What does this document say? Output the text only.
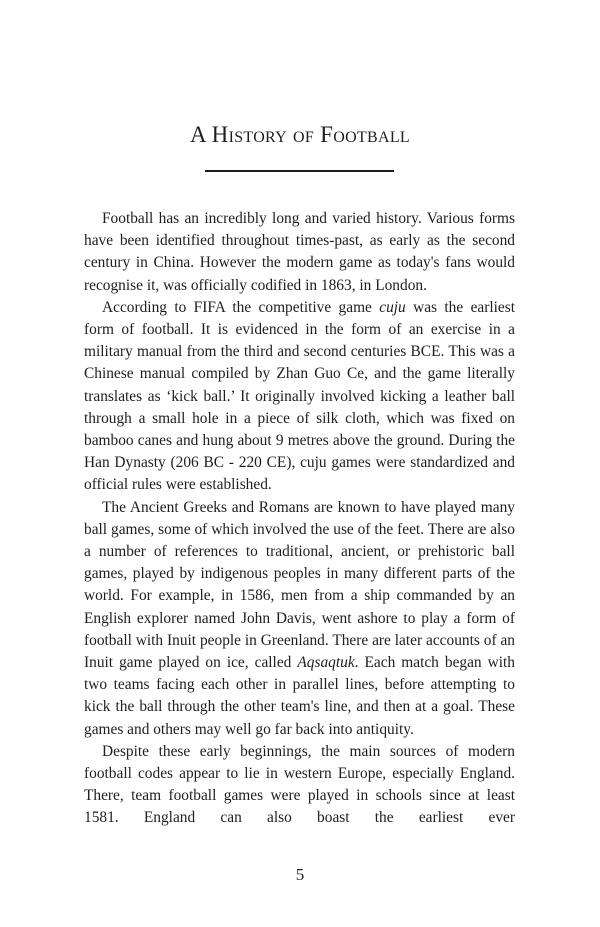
A History of Football

Football has an incredibly long and varied history. Various forms have been identified throughout times-past, as early as the second century in China. However the modern game as today's fans would recognise it, was officially codified in 1863, in London.

According to FIFA the competitive game cuju was the earliest form of football. It is evidenced in the form of an exercise in a military manual from the third and second centuries BCE. This was a Chinese manual compiled by Zhan Guo Ce, and the game literally translates as ‘kick ball.’ It originally involved kicking a leather ball through a small hole in a piece of silk cloth, which was fixed on bamboo canes and hung about 9 metres above the ground. During the Han Dynasty (206 BC - 220 CE), cuju games were standardized and official rules were established.

The Ancient Greeks and Romans are known to have played many ball games, some of which involved the use of the feet. There are also a number of references to traditional, ancient, or prehistoric ball games, played by indigenous peoples in many different parts of the world. For example, in 1586, men from a ship commanded by an English explorer named John Davis, went ashore to play a form of football with Inuit people in Greenland. There are later accounts of an Inuit game played on ice, called Aqsaqtuk. Each match began with two teams facing each other in parallel lines, before attempting to kick the ball through the other team's line, and then at a goal. These games and others may well go far back into antiquity.

Despite these early beginnings, the main sources of modern football codes appear to lie in western Europe, especially England. There, team football games were played in schools since at least 1581. England can also boast the earliest ever

5
